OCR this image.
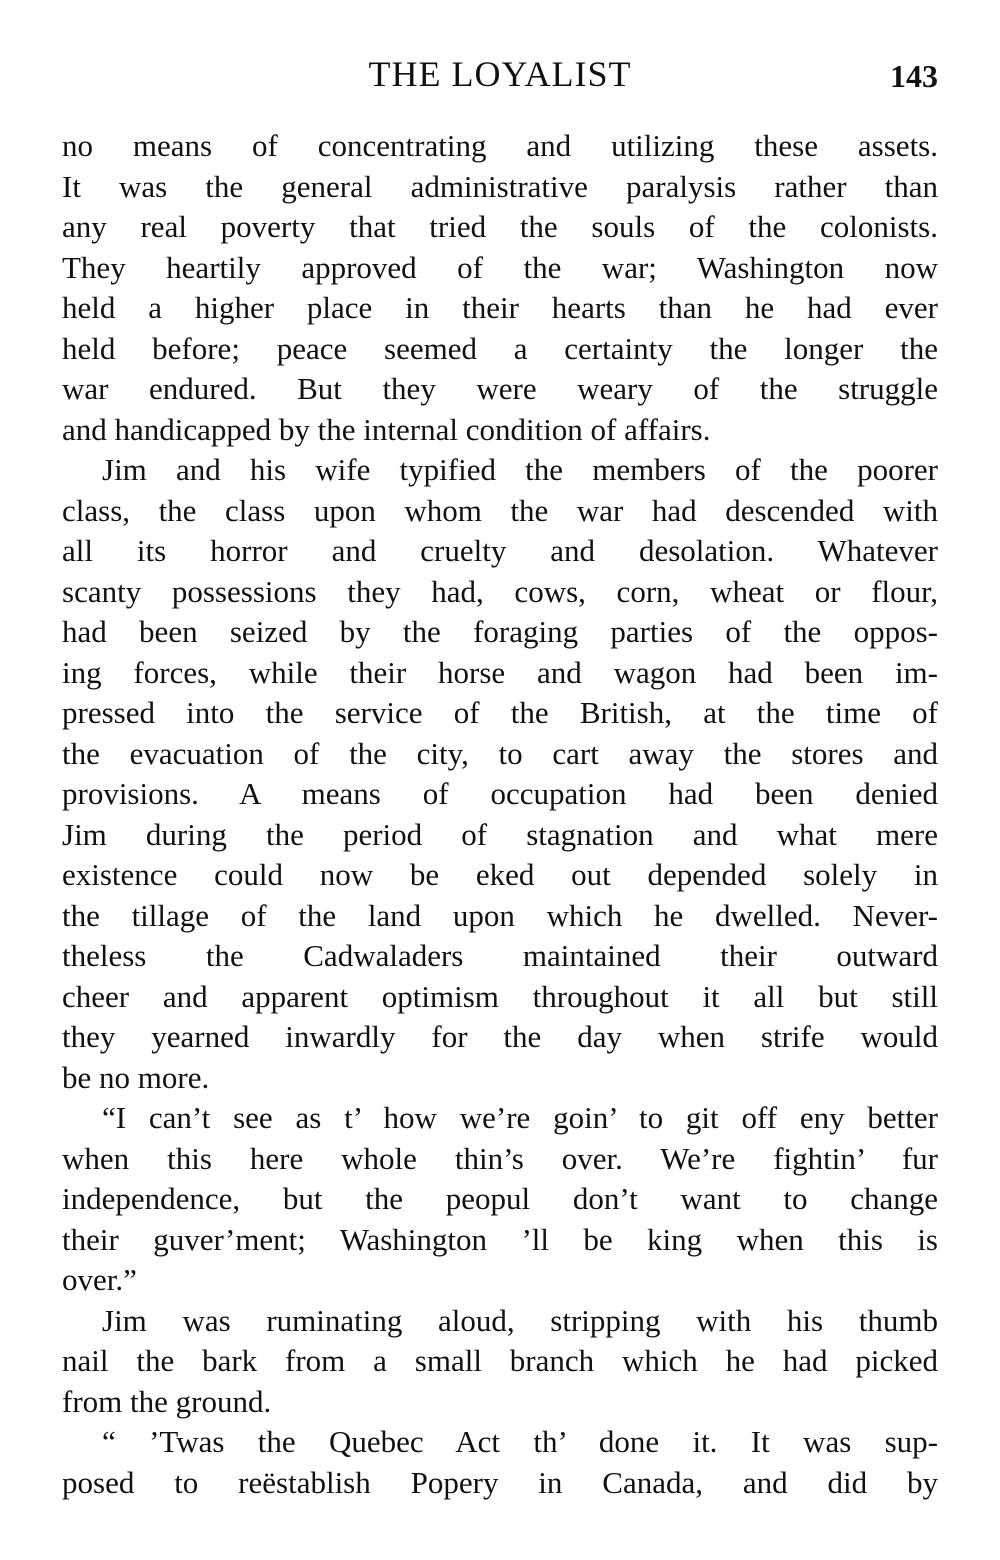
THE LOYALIST	143
no means of concentrating and utilizing these assets.
It was the general administrative paralysis rather than
any real poverty that tried the souls of the colonists.
They heartily approved of the war; Washington now
held a higher place in their hearts than he had ever
held before; peace seemed a certainty the longer the
war endured. But they were weary of the struggle
and handicapped by the internal condition of affairs.
Jim and his wife typified the members of the poorer
class, the class upon whom the war had descended with
all its horror and cruelty and desolation. Whatever
scanty possessions they had, cows, corn, wheat or flour,
had been seized by the foraging parties of the oppos-
ing forces, while their horse and wagon had been im-
pressed into the service of the British, at the time of
the evacuation of the city, to cart away the stores and
provisions. A means of occupation had been denied
Jim during the period of stagnation and what mere
existence could now be eked out depended solely in
the tillage of the land upon which he dwelled. Never-
theless the Cadwaladers maintained their outward
cheer and apparent optimism throughout it all but still
they yearned inwardly for the day when strife would
be no more.
“I can’t see as t’ how we’re goin’ to git off eny better
when this here whole thin’s over. We’re fightin’ fur
independence, but the peopul don’t want to change
their guver’ment; Washington ’ll be king when this is
over.”
Jim was ruminating aloud, stripping with his thumb
nail the bark from a small branch which he had picked
from the ground.
“ ’Twas the Quebec Act th’ done it. It was sup-
posed to reëstablish Popery in Canada, and did by
